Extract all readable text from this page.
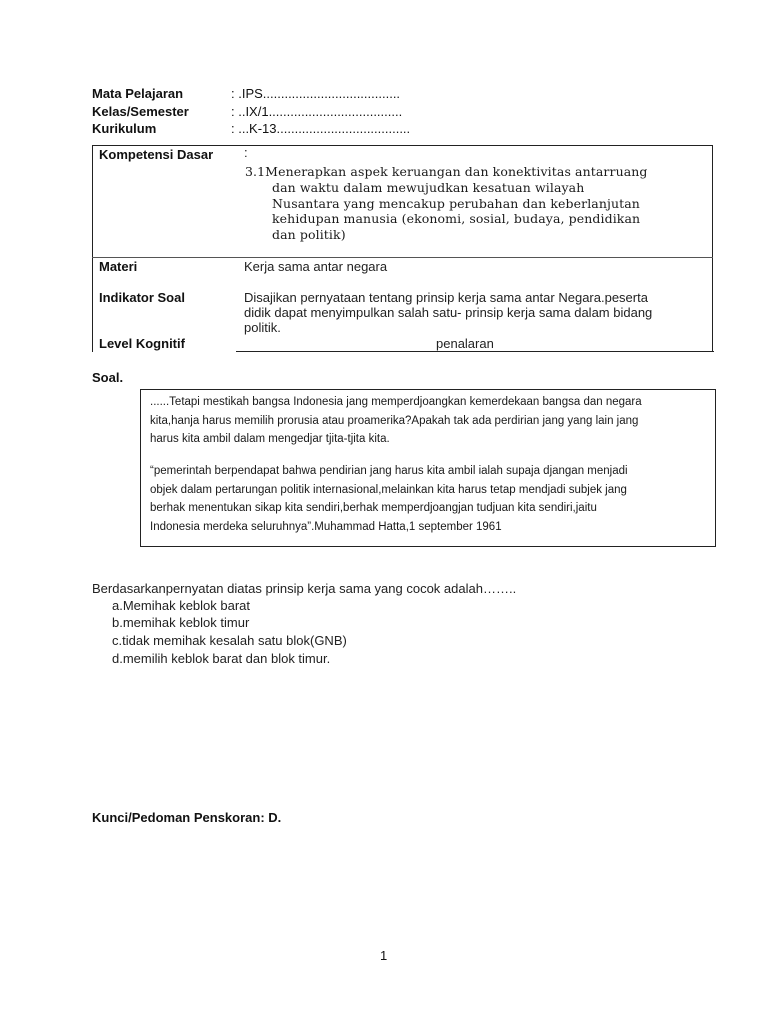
Mata Pelajaran	: .IPS......................................
Kelas/Semester	: ..IX/1.....................................
Kurikulum	: ...K-13.....................................
Kompetensi Dasar :
3.1Menerapkan aspek keruangan dan konektivitas antarruang
dan waktu dalam mewujudkan kesatuan wilayah
Nusantara yang mencakup perubahan dan keberlanjutan
kehidupan manusia (ekonomi, sosial, budaya, pendidikan
dan politik)
Materi	Kerja sama antar negara
Indikator Soal	Disajikan pernyataan tentang prinsip kerja sama antar Negara.peserta
didik dapat menyimpulkan salah satu- prinsip kerja sama dalam bidang
politik.
Level Kognitif	penalaran
Soal.
......Tetapi mestikah bangsa Indonesia jang memperdjoangkan kemerdekaan bangsa dan negara
kita,hanja harus memilih prorusia atau proamerika?Apakah tak ada perdirian jang yang lain jang
harus kita ambil dalam mengedjar tjita-tjita kita.
“pemerintah berpendapat bahwa pendirian jang harus kita ambil ialah supaja djangan menjadi
objek dalam pertarungan politik internasional,melainkan kita harus tetap mendjadi subjek jang
berhak menentukan sikap kita sendiri,berhak memperdjoangjan tudjuan kita sendiri,jaitu
Indonesia merdeka seluruhnya”.Muhammad Hatta,1 september 1961
Berdasarkanpernyatan diatas prinsip kerja sama yang cocok adalah……..
a.Memihak keblok barat
b.memihak keblok timur
c.tidak memihak kesalah satu blok(GNB)
d.memilih keblok barat dan blok timur.
Kunci/Pedoman Penskoran: D.
1
